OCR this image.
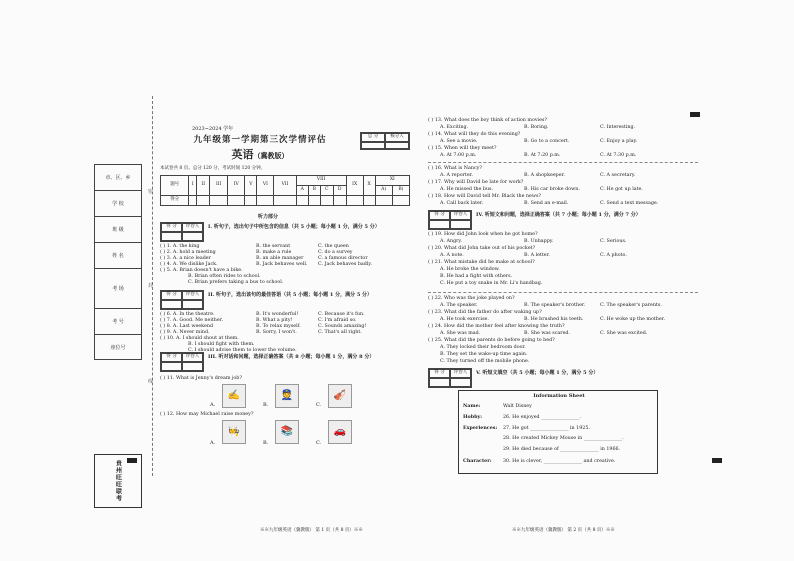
密
封
线
市、区、乡
学 校
班 级
姓 名
考 场
考 号
座位号
贵州旺旺联考
2023~2024 学年
九年级第一学期第三次学情评估
英语（冀教版）
总 分	核分人
本试卷共 8 页。总分 120 分，考试时间 120 分钟。
题号	I	II	III	IV	V	VI	VII	VIII				IX	X	XI	
								A	B	C	D			A)	B)
得分															
听力部分
得 分	评卷人	I. 听句子，选出句子中所包含的信息（共 5 小题；每小题 1 分，满分 5 分）
( ) 1. A. the king	B. the servant	C. the queen
( ) 2. A. hold a meeting	B. make a rule	C. do a survey
( ) 3. A. a nice leader	B. an able manager	C. a famous director
( ) 4. A. We dislike Jack.	B. Jack behaves well. C. Jack behaves badly.
( ) 5. A. Brian doesn't have a bike.
B. Brian often rides to school.
C. Brian prefers taking a bus to school.
得 分	评卷人	II. 听句子，选出该句的最佳答语（共 5 小题；每小题 1 分，满分 5 分）
( ) 6. A. In the theatre.	B. It's wonderful!	C. Because it's fun.
( ) 7. A. Good. Me neither.	B. What a pity!	C. I'm afraid so.
( ) 8. A. Last weekend	B. To relax myself.	C. Sounds amazing!
( ) 9. A. Never mind.	B. Sorry, I won't.	C. That's all right.
( ) 10. A. I should shout at them.
B. I should fight with them.
C. I should advise them to lower the volume.
得 分	评卷人	III. 听对话和问题，选择正确答案（共 8 小题；每小题 1 分，满分 8 分）
( ) 11. What is Jenny's dream job?
A.
✍
B.
👮
C.
🎻
( ) 12. How may Michael raise money?
A.
🧑‍🍳
B.
📚
C.
🚗
※※九年级英语（冀教版） 第 1 页（共 8 页）※※
( ) 13. What does the boy think of action movies?
A. Exciting.	B. Boring.	C. Interesting.
( ) 14. What will they do this evening?
A. See a movie.	B. Go to a concert.	C. Enjoy a play.
( ) 15. When will they meet?
A. At 7:00 p.m.	B. At 7:20 p.m.	C. At 7:30 p.m.
( ) 16. What is Nancy?
A. A reporter.	B. A shopkeeper.	C. A secretary.
( ) 17. Why will David be late for work?
A. He missed the bus.	B. His car broke down.	C. He got up late.
( ) 18. How will David tell Mr. Black the news?
A. Call back later.	B. Send an e-mail.	C. Send a text message.
得 分	评卷人	IV. 听短文和问题，选择正确答案（共 7 小题；每小题 1 分，满分 7 分）
( ) 19. How did John look when he got home?
A. Angry.	B. Unhappy.	C. Serious.
( ) 20. What did John take out of his pocket?
A. A note.	B. A letter.	C. A photo.
( ) 21. What mistake did he make at school?
A. He broke the window.
B. He had a fight with others.
C. He put a toy snake in Mr. Li's handbag.
( ) 22. Who was the joke played on?
A. The speaker.	B. The speaker's brother.	C. The speaker's parents.
( ) 23. What did the father do after waking up?
A. He took exercise.	B. He brushed his teeth.	C. He woke up the mother.
( ) 24. How did the mother feel after knowing the truth?
A. She was mad.	B. She was scared.	C. She was excited.
( ) 25. What did the parents do before going to bed?
A. They locked their bedroom door.
B. They set the wake-up time again.
C. They turned off the mobile phone.
得 分	评卷人	V. 听短文填空（共 5 小题；每小题 1 分，满分 5 分）
Information Sheet
Name:	Walt Disney
Hobby:	26. He enjoyed ________________.
Experiences: 27. He got ________________ in 1925.
28. He created Mickey Mouse in ________________.
29. He died because of ________________ in 1966.
Character: 30. He is clever, ________________ and creative.
※※九年级英语（冀教版） 第 2 页（共 8 页）※※
